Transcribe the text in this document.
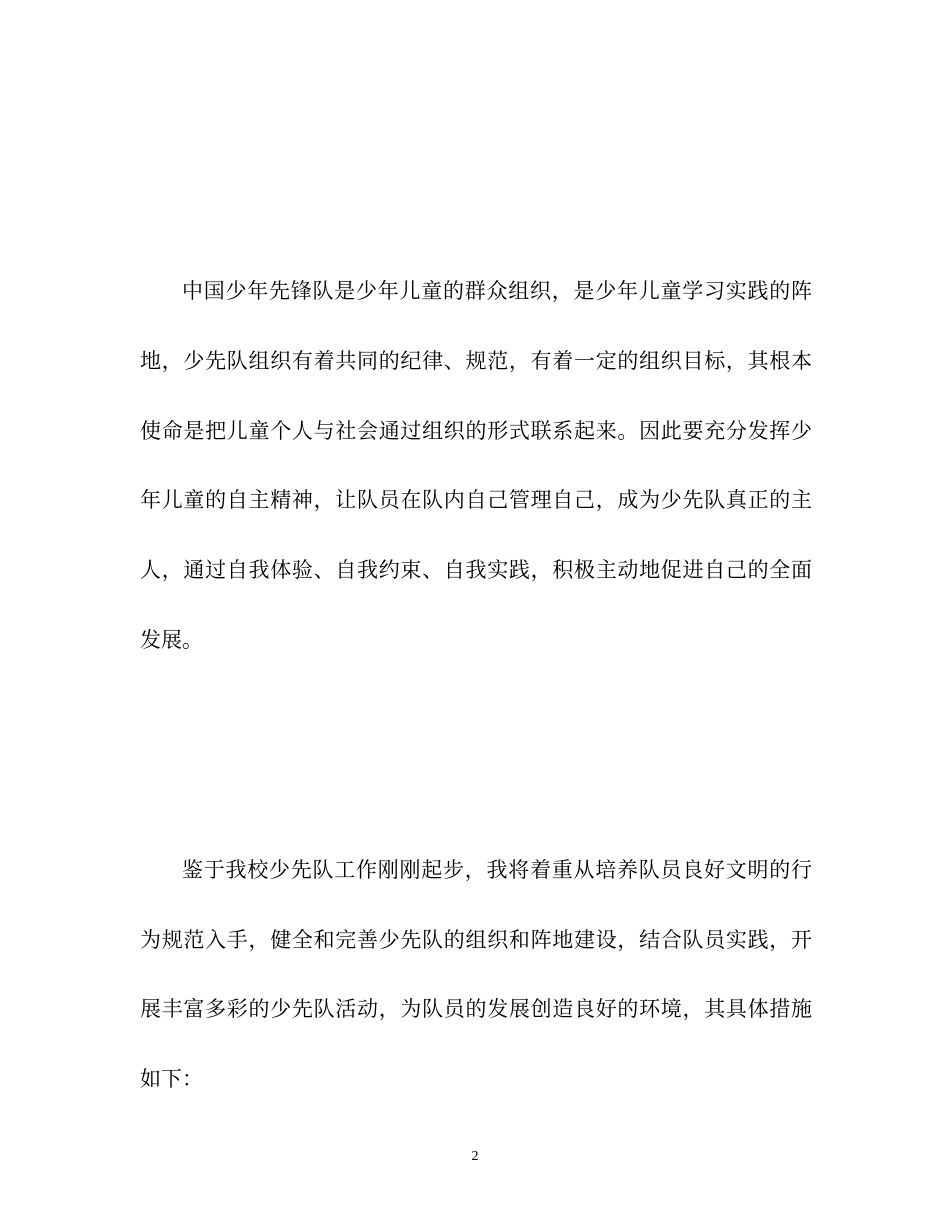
中国少年先锋队是少年儿童的群众组织，是少年儿童学习实践的阵
地，少先队组织有着共同的纪律、规范，有着一定的组织目标，其根本
使命是把儿童个人与社会通过组织的形式联系起来。因此要充分发挥少
年儿童的自主精神，让队员在队内自己管理自己，成为少先队真正的主
人，通过自我体验、自我约束、自我实践，积极主动地促进自己的全面
发展。
鉴于我校少先队工作刚刚起步，我将着重从培养队员良好文明的行
为规范入手，健全和完善少先队的组织和阵地建设，结合队员实践，开
展丰富多彩的少先队活动，为队员的发展创造良好的环境，其具体措施
如下：
2
